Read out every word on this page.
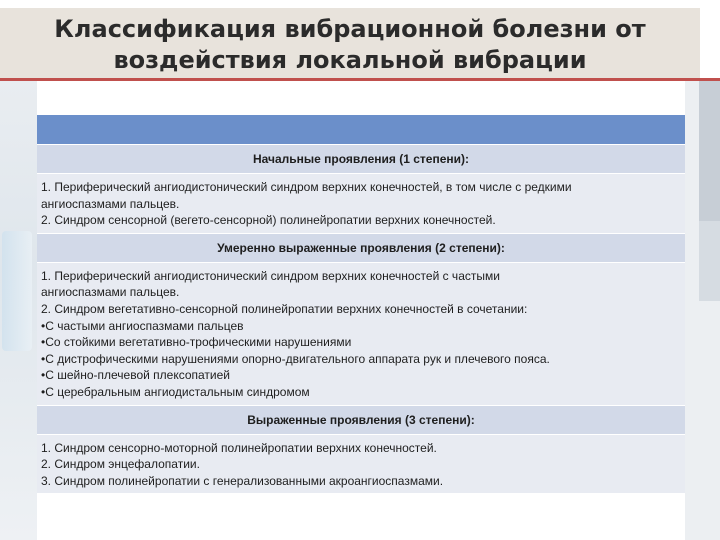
Классификация вибрационной болезни от
воздействия локальной вибрации

Начальные проявления (1 степени):

1. Периферический ангиодистонический синдром верхних конечностей, в том числе с редкими
ангиоспазмами пальцев.
2. Синдром сенсорной (вегето-сенсорной) полинейропатии верхних конечностей.

Умеренно выраженные проявления (2 степени):

1. Периферический ангиодистонический синдром верхних конечностей с частыми
ангиоспазмами пальцев.
2. Синдром вегетативно-сенсорной полинейропатии верхних конечностей в сочетании:
•С частыми ангиоспазмами пальцев
•Со стойкими вегетативно-трофическими нарушениями
•С дистрофическими нарушениями опорно-двигательного аппарата рук и плечевого пояса.
•С шейно-плечевой плексопатией
•С церебральным ангиодистальным синдромом

Выраженные проявления (3 степени):

1. Синдром сенсорно-моторной полинейропатии верхних конечностей.
2. Синдром энцефалопатии.
3. Синдром полинейропатии с генерализованными акроангиоспазмами.
